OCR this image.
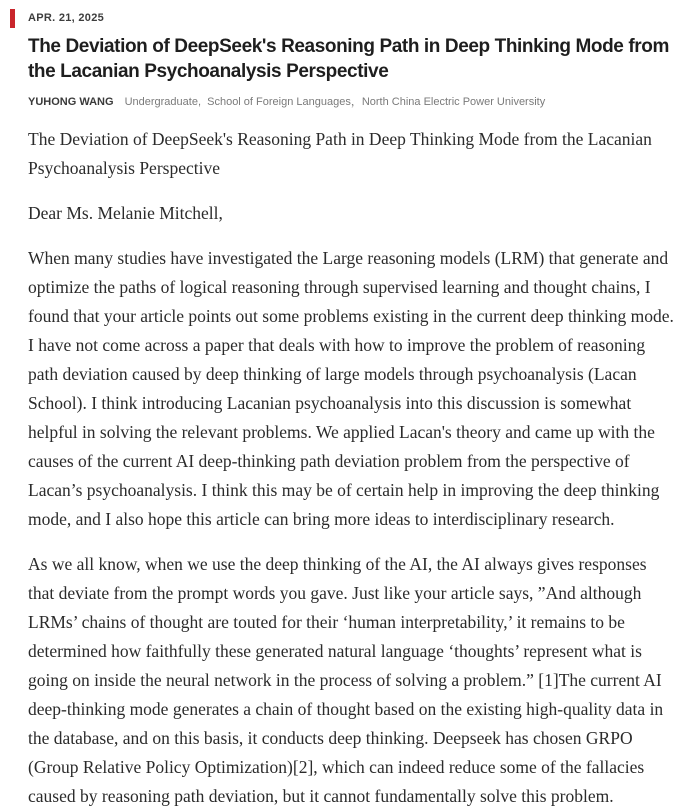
APR. 21, 2025
The Deviation of DeepSeek's Reasoning Path in Deep Thinking Mode from the Lacanian Psychoanalysis Perspective
YUHONG WANG Undergraduate,  School of Foreign Languages，North China Electric Power University

The Deviation of DeepSeek's Reasoning Path in Deep Thinking Mode from the Lacanian Psychoanalysis Perspective

Dear Ms. Melanie Mitchell,

When many studies have investigated the Large reasoning models (LRM) that generate and optimize the paths of logical reasoning through supervised learning and thought chains, I found that your article points out some problems existing in the current deep thinking mode. I have not come across a paper that deals with how to improve the problem of reasoning path deviation caused by deep thinking of large models through psychoanalysis (Lacan School). I think introducing Lacanian psychoanalysis into this discussion is somewhat helpful in solving the relevant problems. We applied Lacan's theory and came up with the causes of the current AI deep-thinking path deviation problem from the perspective of Lacan’s psychoanalysis. I think this may be of certain help in improving the deep thinking mode, and I also hope this article can bring more ideas to interdisciplinary research.

As we all know, when we use the deep thinking of the AI, the AI always gives responses that deviate from the prompt words you gave. Just like your article says, ”And although LRMs’ chains of thought are touted for their ‘human interpretability,’ it remains to be determined how faithfully these generated natural language ‘thoughts’ represent what is going on inside the neural network in the process of solving a problem.” [1]The current AI deep-thinking mode generates a chain of thought based on the existing high-quality data in the database, and on this basis, it conducts deep thinking. Deepseek has chosen GRPO (Group Relative Policy Optimization)[2], which can indeed reduce some of the fallacies caused by reasoning path deviation, but it cannot fundamentally solve this problem.
